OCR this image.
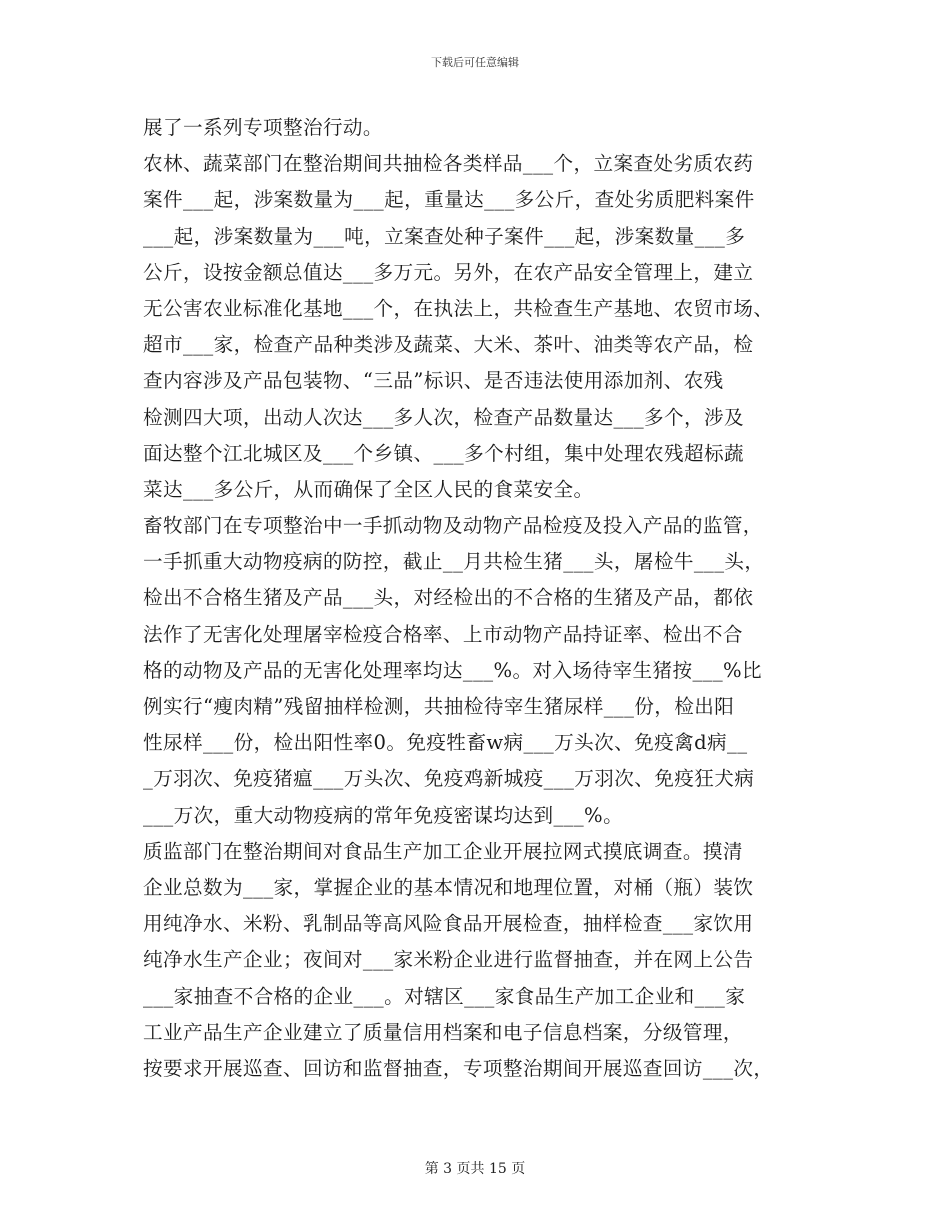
下载后可任意编辑
展了一系列专项整治行动。
农林、蔬菜部门在整治期间共抽检各类样品___个，立案查处劣质农药
案件___起，涉案数量为___起，重量达___多公斤，查处劣质肥料案件
___起，涉案数量为___吨，立案查处种子案件___起，涉案数量___多
公斤，设按金额总值达___多万元。另外，在农产品安全管理上，建立
无公害农业标准化基地___个，在执法上，共检查生产基地、农贸市场、
超市___家，检查产品种类涉及蔬菜、大米、茶叶、油类等农产品，检
查内容涉及产品包装物、“三品”标识、是否违法使用添加剂、农残
检测四大项，出动人次达___多人次，检查产品数量达___多个，涉及
面达整个江北城区及___个乡镇、___多个村组，集中处理农残超标蔬
菜达___多公斤，从而确保了全区人民的食菜安全。
畜牧部门在专项整治中一手抓动物及动物产品检疫及投入产品的监管，
一手抓重大动物疫病的防控，截止__月共检生猪___头，屠检牛___头，
检出不合格生猪及产品___头，对经检出的不合格的生猪及产品，都依
法作了无害化处理屠宰检疫合格率、上市动物产品持证率、检出不合
格的动物及产品的无害化处理率均达___%。对入场待宰生猪按___%比
例实行“瘦肉精”残留抽样检测，共抽检待宰生猪尿样___份，检出阳
性尿样___份，检出阳性率0。免疫牲畜w病___万头次、免疫禽d病__
_万羽次、免疫猪瘟___万头次、免疫鸡新城疫___万羽次、免疫狂犬病
___万次，重大动物疫病的常年免疫密谋均达到___%。
质监部门在整治期间对食品生产加工企业开展拉网式摸底调查。摸清
企业总数为___家，掌握企业的基本情况和地理位置，对桶（瓶）装饮
用纯净水、米粉、乳制品等高风险食品开展检查，抽样检查___家饮用
纯净水生产企业；夜间对___家米粉企业进行监督抽查，并在网上公告
___家抽查不合格的企业___。对辖区___家食品生产加工企业和___家
工业产品生产企业建立了质量信用档案和电子信息档案，分级管理，
按要求开展巡查、回访和监督抽查，专项整治期间开展巡查回访___次，
第 3 页共 15 页
